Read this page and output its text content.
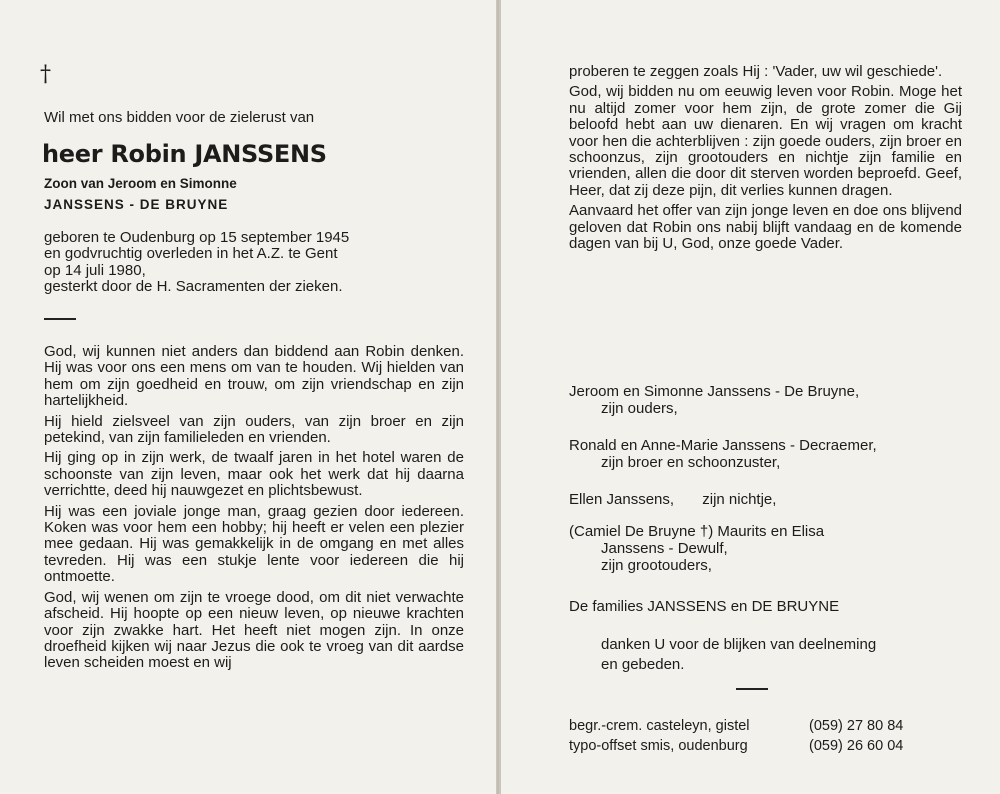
†
Wil met ons bidden voor de zielerust van
heer Robin JANSSENS
Zoon van Jeroom en Simonne
JANSSENS - DE BRUYNE

geboren te Oudenburg op 15 september 1945

en godvruchtig overleden in het A.Z. te Gent

op 14 juli 1980,

gesterkt door de H. Sacramenten der zieken.

God, wij kunnen niet anders dan biddend aan Robin denken. Hij was voor ons een mens om van te houden. Wij hielden van hem om zijn goedheid en trouw, om zijn vriendschap en zijn hartelijkheid.

Hij hield zielsveel van zijn ouders, van zijn broer en zijn petekind, van zijn familieleden en vrienden.

Hij ging op in zijn werk, de twaalf jaren in het hotel waren de schoonste van zijn leven, maar ook het werk dat hij daarna verrichtte, deed hij nauwgezet en plichtsbewust.

Hij was een joviale jonge man, graag gezien door iedereen. Koken was voor hem een hobby; hij heeft er velen een plezier mee gedaan. Hij was gemakkelijk in de omgang en met alles tevreden. Hij was een stukje lente voor iedereen die hij ontmoette.

God, wij wenen om zijn te vroege dood, om dit niet verwachte afscheid. Hij hoopte op een nieuw leven, op nieuwe krachten voor zijn zwakke hart. Het heeft niet mogen zijn. In onze droefheid kijken wij naar Jezus die ook te vroeg van dit aardse leven scheiden moest en wij

proberen te zeggen zoals Hij : 'Vader, uw wil geschiede'.

God, wij bidden nu om eeuwig leven voor Robin. Moge het nu altijd zomer voor hem zijn, de grote zomer die Gij beloofd hebt aan uw dienaren. En wij vragen om kracht voor hen die achterblijven : zijn goede ouders, zijn broer en schoonzus, zijn grootouders en nichtje zijn familie en vrienden, allen die door dit sterven worden beproefd. Geef, Heer, dat zij deze pijn, dit verlies kunnen dragen.

Aanvaard het offer van zijn jonge leven en doe ons blijvend geloven dat Robin ons nabij blijft vandaag en de komende dagen van bij U, God, onze goede Vader.

Jeroom en Simonne Janssens - De Bruyne,
zijn ouders,
Ronald en Anne-Marie Janssens - Decraemer,
zijn broer en schoonzuster,
Ellen Janssens, zijn nichtje,
(Camiel De Bruyne †) Maurits en Elisa
Janssens - Dewulf,
zijn grootouders,
De families JANSSENS en DE BRUYNE
danken U voor de blijken van deelneming
en gebeden.
begr.-crem. casteleyn, gistel	(059) 27 80 84
typo-offset smis, oudenburg	(059) 26 60 04
